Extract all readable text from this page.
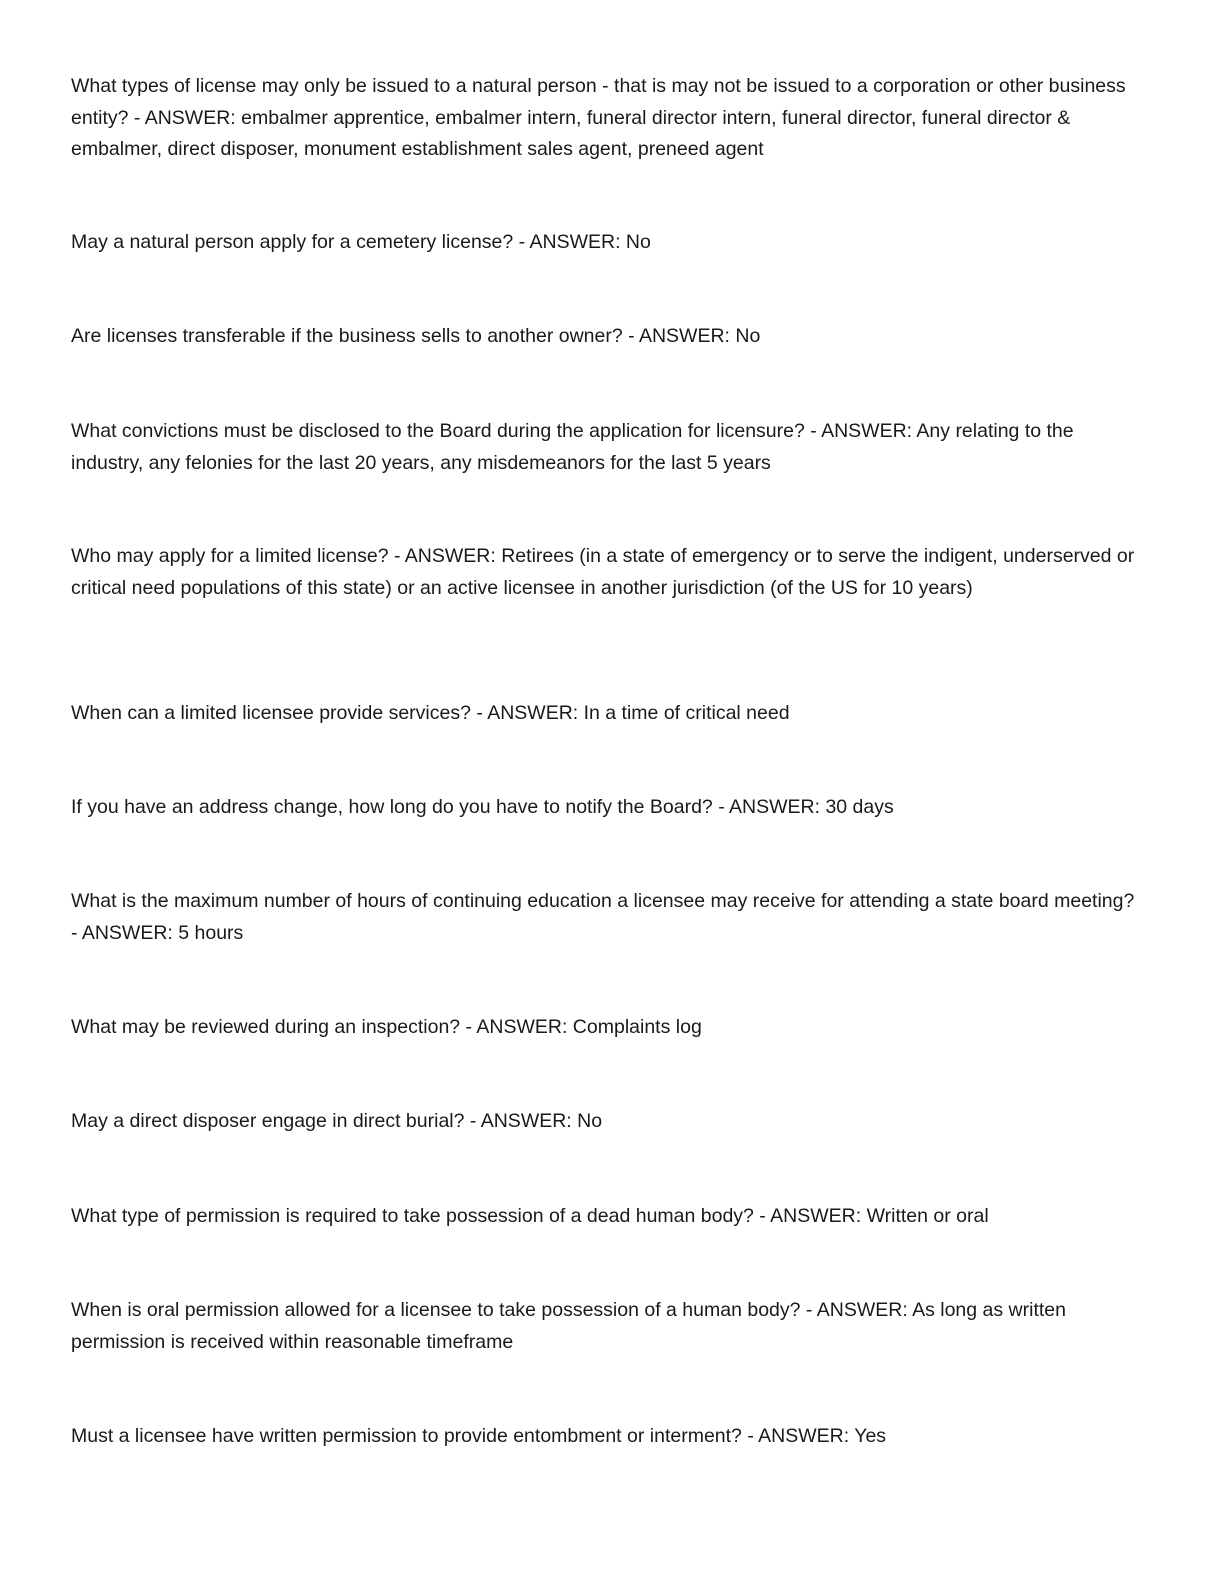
What types of license may only be issued to a natural person - that is may not be issued to a corporation or other business entity? - ANSWER: embalmer apprentice, embalmer intern, funeral director intern, funeral director, funeral director & embalmer, direct disposer, monument establishment sales agent, preneed agent

May a natural person apply for a cemetery license? - ANSWER: No

Are licenses transferable if the business sells to another owner? - ANSWER: No

What convictions must be disclosed to the Board during the application for licensure? - ANSWER: Any relating to the industry, any felonies for the last 20 years, any misdemeanors for the last 5 years

Who may apply for a limited license? - ANSWER: Retirees (in a state of emergency or to serve the indigent, underserved or critical need populations of this state) or an active licensee in another jurisdiction (of the US for 10 years)

When can a limited licensee provide services? - ANSWER: In a time of critical need

If you have an address change, how long do you have to notify the Board? - ANSWER: 30 days

What is the maximum number of hours of continuing education a licensee may receive for attending a state board meeting? - ANSWER: 5 hours

What may be reviewed during an inspection? - ANSWER: Complaints log

May a direct disposer engage in direct burial? - ANSWER: No

What type of permission is required to take possession of a dead human body? - ANSWER: Written or oral

When is oral permission allowed for a licensee to take possession of a human body? - ANSWER: As long as written permission is received within reasonable timeframe

Must a licensee have written permission to provide entombment or interment? - ANSWER: Yes
